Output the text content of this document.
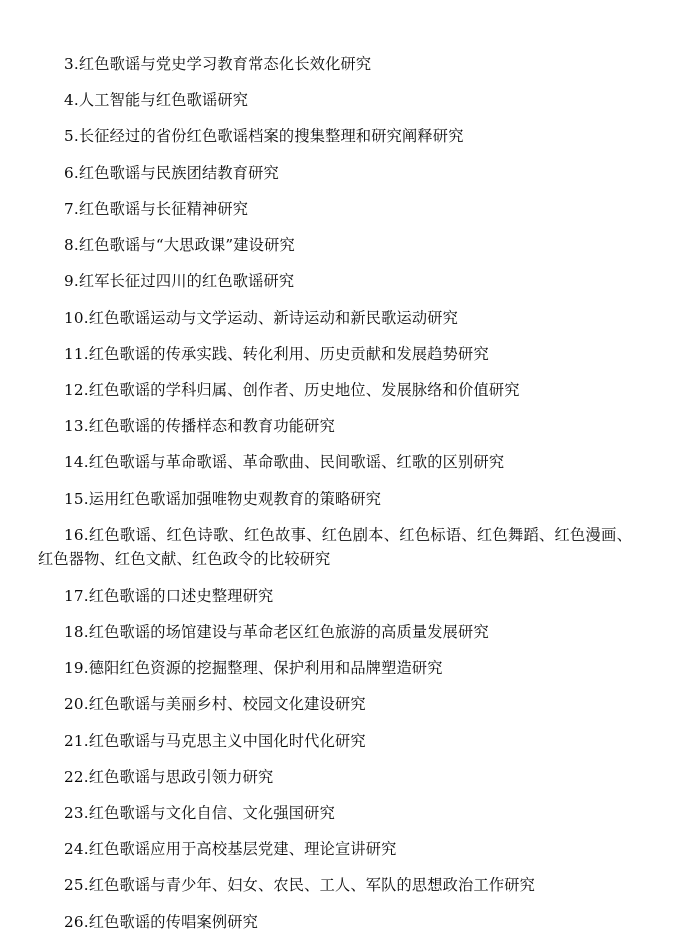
3.红色歌谣与党史学习教育常态化长效化研究
4.人工智能与红色歌谣研究
5.长征经过的省份红色歌谣档案的搜集整理和研究阐释研究
6.红色歌谣与民族团结教育研究
7.红色歌谣与长征精神研究
8.红色歌谣与“大思政课”建设研究
9.红军长征过四川的红色歌谣研究
10.红色歌谣运动与文学运动、新诗运动和新民歌运动研究
11.红色歌谣的传承实践、转化利用、历史贡献和发展趋势研究
12.红色歌谣的学科归属、创作者、历史地位、发展脉络和价值研究
13.红色歌谣的传播样态和教育功能研究
14.红色歌谣与革命歌谣、革命歌曲、民间歌谣、红歌的区别研究
15.运用红色歌谣加强唯物史观教育的策略研究
16.红色歌谣、红色诗歌、红色故事、红色剧本、红色标语、红色舞蹈、红色漫画、红色器物、红色文献、红色政令的比较研究
17.红色歌谣的口述史整理研究
18.红色歌谣的场馆建设与革命老区红色旅游的高质量发展研究
19.德阳红色资源的挖掘整理、保护利用和品牌塑造研究
20.红色歌谣与美丽乡村、校园文化建设研究
21.红色歌谣与马克思主义中国化时代化研究
22.红色歌谣与思政引领力研究
23.红色歌谣与文化自信、文化强国研究
24.红色歌谣应用于高校基层党建、理论宣讲研究
25.红色歌谣与青少年、妇女、农民、工人、军队的思想政治工作研究
26.红色歌谣的传唱案例研究
